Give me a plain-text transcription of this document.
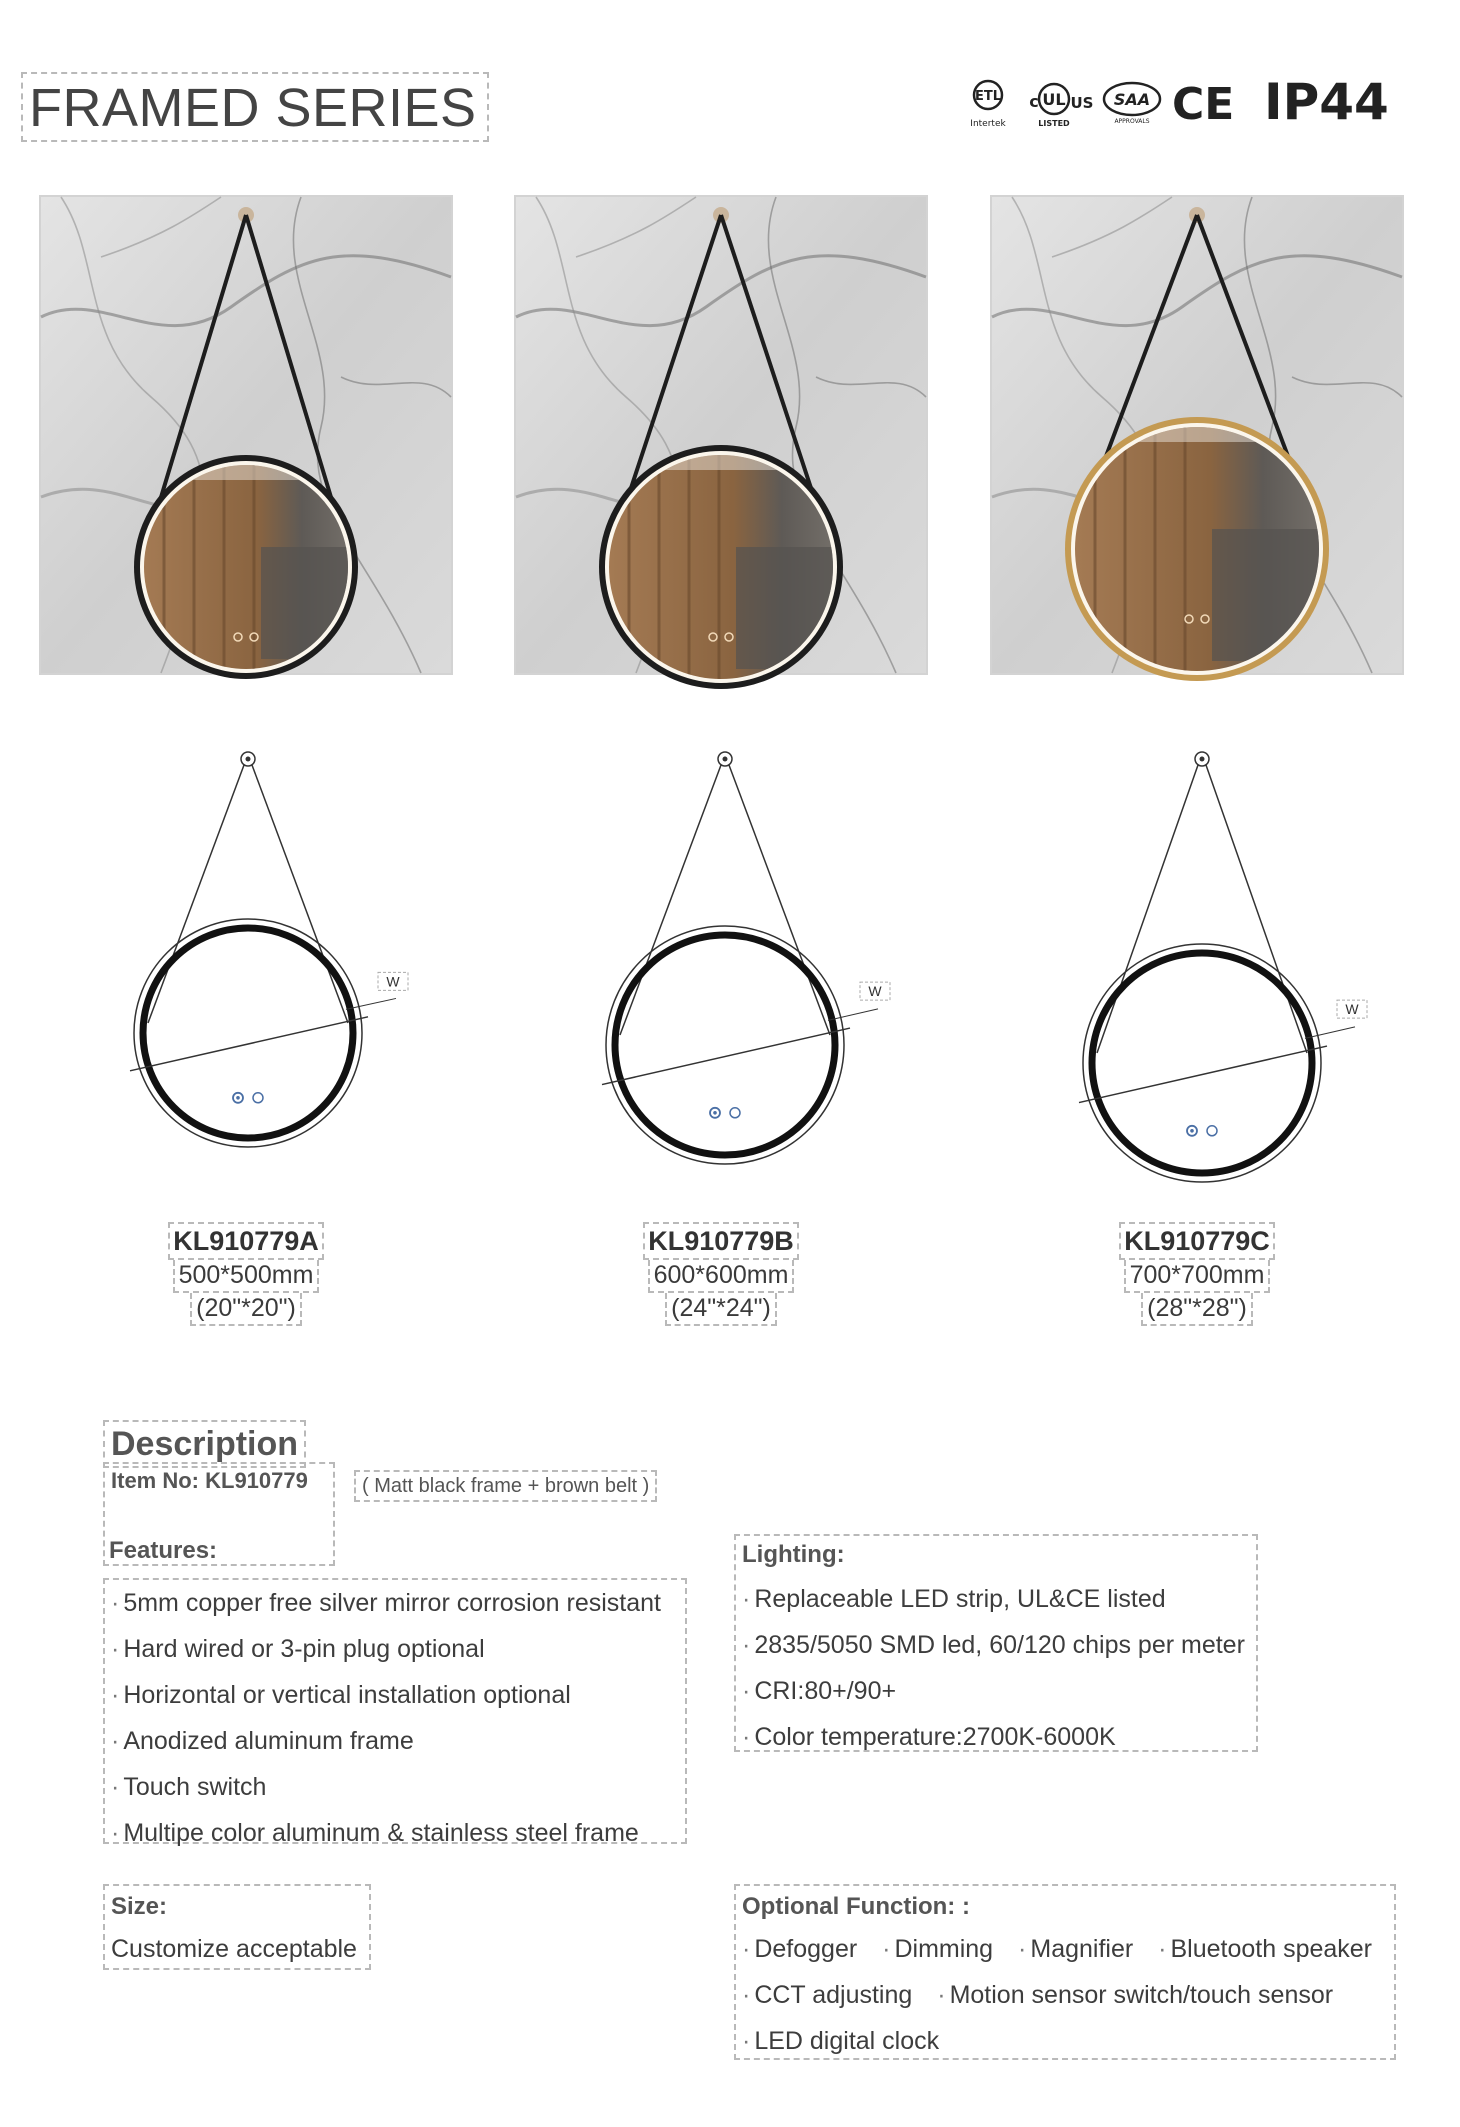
FRAMED SERIES	ETL
Intertek
UL
c US
LISTED
SAA
APPROVALS CE IP44
W
W
W
KL910779A
500*500mm
(20"*20")
KL910779B
600*600mm
(24"*24")
KL910779C
700*700mm
(28"*28")
Description
Item No: KL910779	( Matt black frame + brown belt )
Features:
· 5mm copper free silver mirror corrosion resistant
· Hard wired or 3-pin plug optional
· Horizontal or vertical installation optional
· Anodized aluminum frame
· Touch switch
· Multipe color aluminum & stainless steel frame
Lighting:
· Replaceable LED strip, UL&CE listed
· 2835/5050 SMD led, 60/120 chips per meter
· CRI:80+/90+
· Color temperature:2700K-6000K
Size:
Customize acceptable
Optional Function: :
· Defogger · Dimming · Magnifier · Bluetooth speaker
· CCT adjusting · Motion sensor switch/touch sensor
· LED digital clock
